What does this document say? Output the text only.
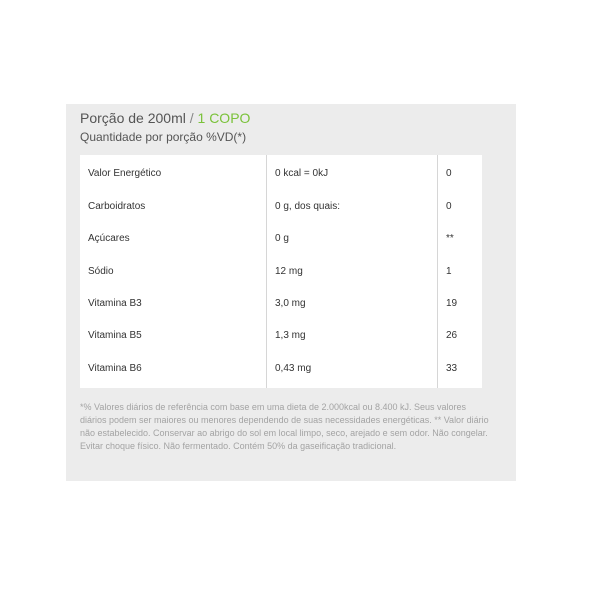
Porção de 200ml / 1 COPO
Quantidade por porção %VD(*)
Valor Energético	0 kcal = 0kJ	0
Carboidratos	0 g, dos quais:	0
Açúcares	0 g	**
Sódio	12 mg	1
Vitamina B3	3,0 mg	19
Vitamina B5	1,3 mg	26
Vitamina B6	0,43 mg	33
*% Valores diários de referência com base em uma dieta de 2.000kcal ou 8.400 kJ. Seus valores diários podem ser maiores ou menores dependendo de suas necessidades energéticas. ** Valor diário não estabelecido. Conservar ao abrigo do sol em local limpo, seco, arejado e sem odor. Não congelar. Evitar choque físico. Não fermentado. Contém 50% da gaseificação tradicional.
